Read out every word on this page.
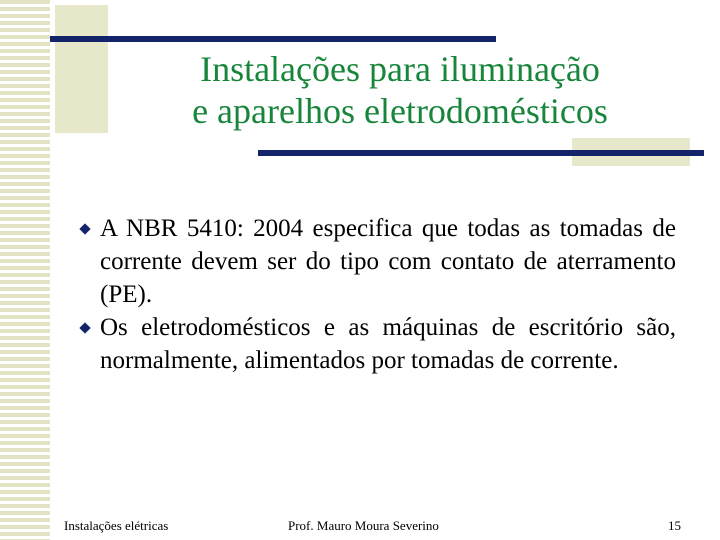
Instalações para iluminação
e aparelhos eletrodomésticos
A NBR 5410: 2004 especifica que todas as tomadas de corrente devem ser do tipo com contato de aterramento (PE).
Os eletrodomésticos e as máquinas de escritório são, normalmente, alimentados por tomadas de corrente.
Instalações elétricas	Prof. Mauro Moura Severino	15
